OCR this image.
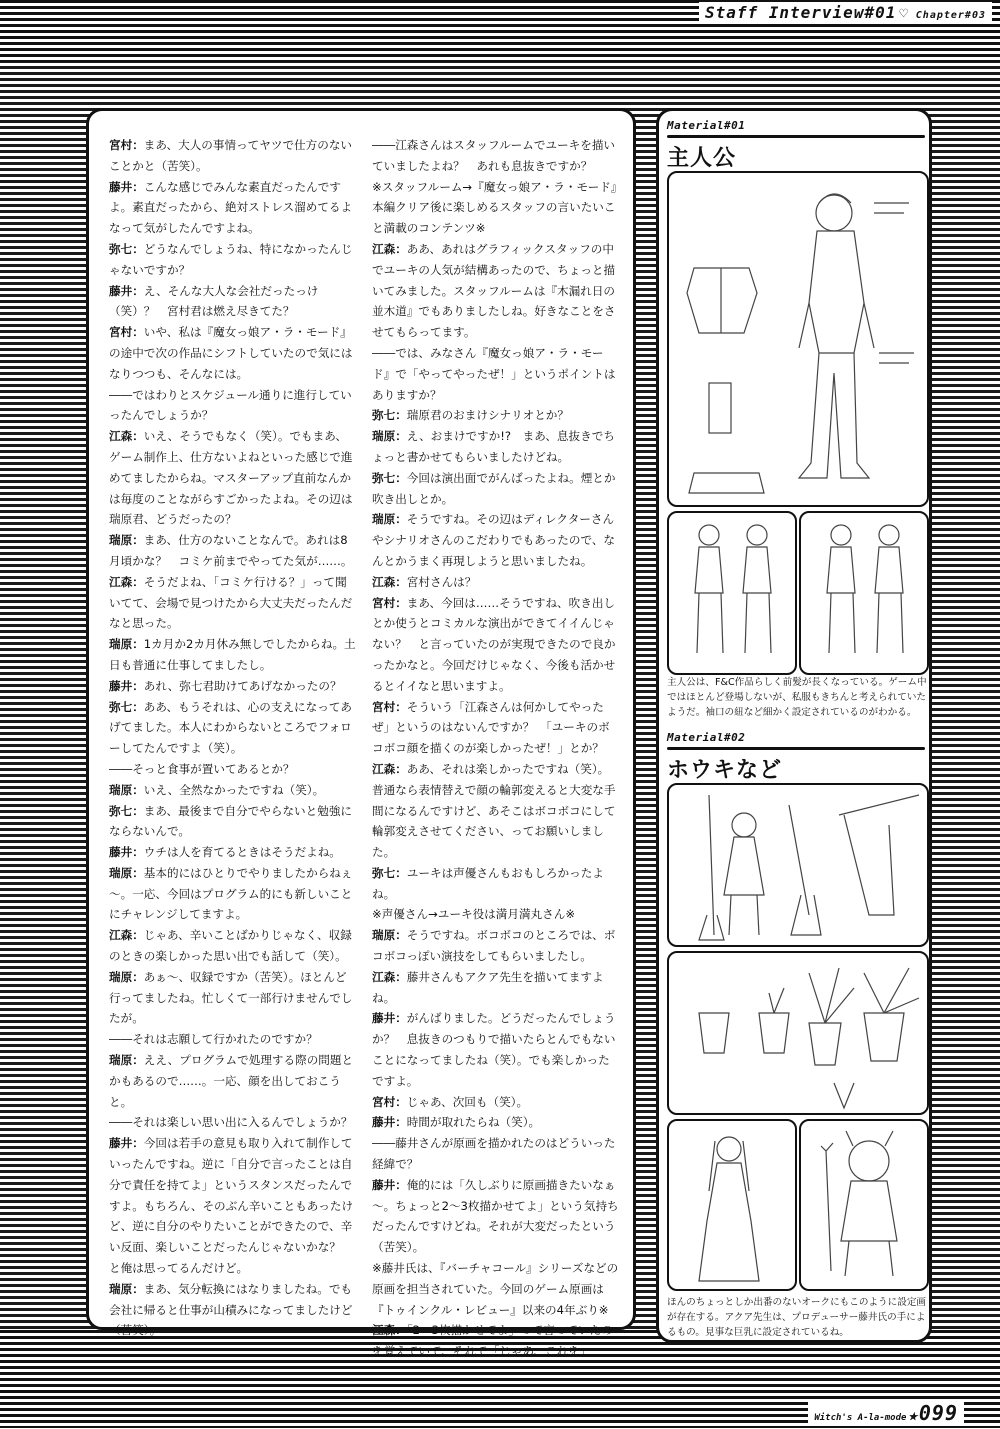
Staff Interview#01 ♡ Chapter#03

宮村：まあ、大人の事情ってヤツで仕方のないことかと（苦笑）。

藤井：こんな感じでみんな素直だったんですよ。素直だったから、絶対ストレス溜めてるよなって気がしたんですよね。

弥七：どうなんでしょうね、特になかったんじゃないですか？

藤井：え、そんな大人な会社だったっけ（笑）？　宮村君は燃え尽きてた？

宮村：いや、私は『魔女っ娘ア・ラ・モード』の途中で次の作品にシフトしていたので気にはなりつつも、そんなには。

――ではわりとスケジュール通りに進行していったんでしょうか？

江森：いえ、そうでもなく（笑）。でもまあ、ゲーム制作上、仕方ないよねといった感じで進めてましたからね。マスターアップ直前なんかは毎度のことながらすごかったよね。その辺は瑞原君、どうだったの？

瑞原：まあ、仕方のないことなんで。あれは8月頃かな？　コミケ前までやってた気が……。

江森：そうだよね、「コミケ行ける？」って聞いてて、会場で見つけたから大丈夫だったんだなと思った。

瑞原：1カ月か2カ月休み無しでしたからね。土日も普通に仕事してましたし。

藤井：あれ、弥七君助けてあげなかったの？

弥七：ああ、もうそれは、心の支えになってあげてました。本人にわからないところでフォローしてたんですよ（笑）。

――そっと食事が置いてあるとか？

瑞原：いえ、全然なかったですね（笑）。

弥七：まあ、最後まで自分でやらないと勉強にならないんで。

藤井：ウチは人を育てるときはそうだよね。

瑞原：基本的にはひとりでやりましたからねぇ～。一応、今回はプログラム的にも新しいことにチャレンジしてますよ。

江森：じゃあ、辛いことばかりじゃなく、収録のときの楽しかった思い出でも話して（笑）。

瑞原：あぁ～、収録ですか（苦笑）。ほとんど行ってましたね。忙しくて一部行けませんでしたが。

――それは志願して行かれたのですか？

瑞原：ええ、プログラムで処理する際の問題とかもあるので……。一応、顔を出しておこうと。

――それは楽しい思い出に入るんでしょうか？

藤井：今回は若手の意見も取り入れて制作していったんですね。逆に「自分で言ったことは自分で責任を持てよ」というスタンスだったんですよ。もちろん、そのぶん辛いこともあったけど、逆に自分のやりたいことができたので、辛い反面、楽しいことだったんじゃないかな？　と俺は思ってるんだけど。

瑞原：まあ、気分転換にはなりましたね。でも会社に帰ると仕事が山積みになってましたけど（苦笑）。

――江森さんはスタッフルームでユーキを描いていましたよね？　あれも息抜きですか？

※スタッフルーム→『魔女っ娘ア・ラ・モード』本編クリア後に楽しめるスタッフの言いたいこと満載のコンテンツ※

江森：ああ、あれはグラフィックスタッフの中でユーキの人気が結構あったので、ちょっと描いてみました。スタッフルームは『木漏れ日の並木道』でもありましたしね。好きなことをさせてもらってます。

――では、みなさん『魔女っ娘ア・ラ・モード』で「やってやったぜ！」というポイントはありますか？

弥七：瑞原君のおまけシナリオとか？

瑞原：え、おまけですか!?　まあ、息抜きでちょっと書かせてもらいましたけどね。

弥七：今回は演出面でがんばったよね。煙とか吹き出しとか。

瑞原：そうですね。その辺はディレクターさんやシナリオさんのこだわりでもあったので、なんとかうまく再現しようと思いましたね。

江森：宮村さんは？

宮村：まあ、今回は……そうですね、吹き出しとか使うとコミカルな演出ができてイイんじゃない？　と言っていたのが実現できたので良かったかなと。今回だけじゃなく、今後も活かせるとイイなと思いますよ。

宮村：そういう「江森さんは何かしてやったぜ」というのはないんですか？　「ユーキのボコボコ顔を描くのが楽しかったぜ！」とか？

江森：ああ、それは楽しかったですね（笑）。普通なら表情替えで顔の輪郭変えると大変な手間になるんですけど、あそこはボコボコにして輪郭変えさせてください、ってお願いしました。

弥七：ユーキは声優さんもおもしろかったよね。

※声優さん→ユーキ役は満月満丸さん※

瑞原：そうですね。ボコボコのところでは、ボコボコっぽい演技をしてもらいましたし。

江森：藤井さんもアクア先生を描いてますよね。

藤井：がんばりました。どうだったんでしょうか？　息抜きのつもりで描いたらとんでもないことになってましたね（笑）。でも楽しかったですよ。

宮村：じゃあ、次回も（笑）。

藤井：時間が取れたらね（笑）。

――藤井さんが原画を描かれたのはどういった経緯で？

藤井：俺的には「久しぶりに原画描きたいなぁ～。ちょっと2～3枚描かせてよ」という気持ちだったんですけどね。それが大変だったという（苦笑）。

※藤井氏は、『バーチャコール』シリーズなどの原画を担当されていた。今回のゲーム原画は『トゥインクル・レビュー』以来の4年ぶり※

江森：「2～3枚描かせてよ」って言っていたのを覚えていて、それで「じゃあ、これを」

Material#01
主人公
主人公は、F&C作品らしく前髪が長くなっている。ゲーム中ではほとんど登場しないが、私服もきちんと考えられていたようだ。袖口の紐など細かく設定されているのがわかる。
Material#02
ホウキなど
ほんのちょっとしか出番のないオークにもこのように設定画が存在する。アクア先生は、プロデューサー藤井氏の手によるもの。見事な巨乳に設定されているね。
Witch's A-la-mode ★ 099
